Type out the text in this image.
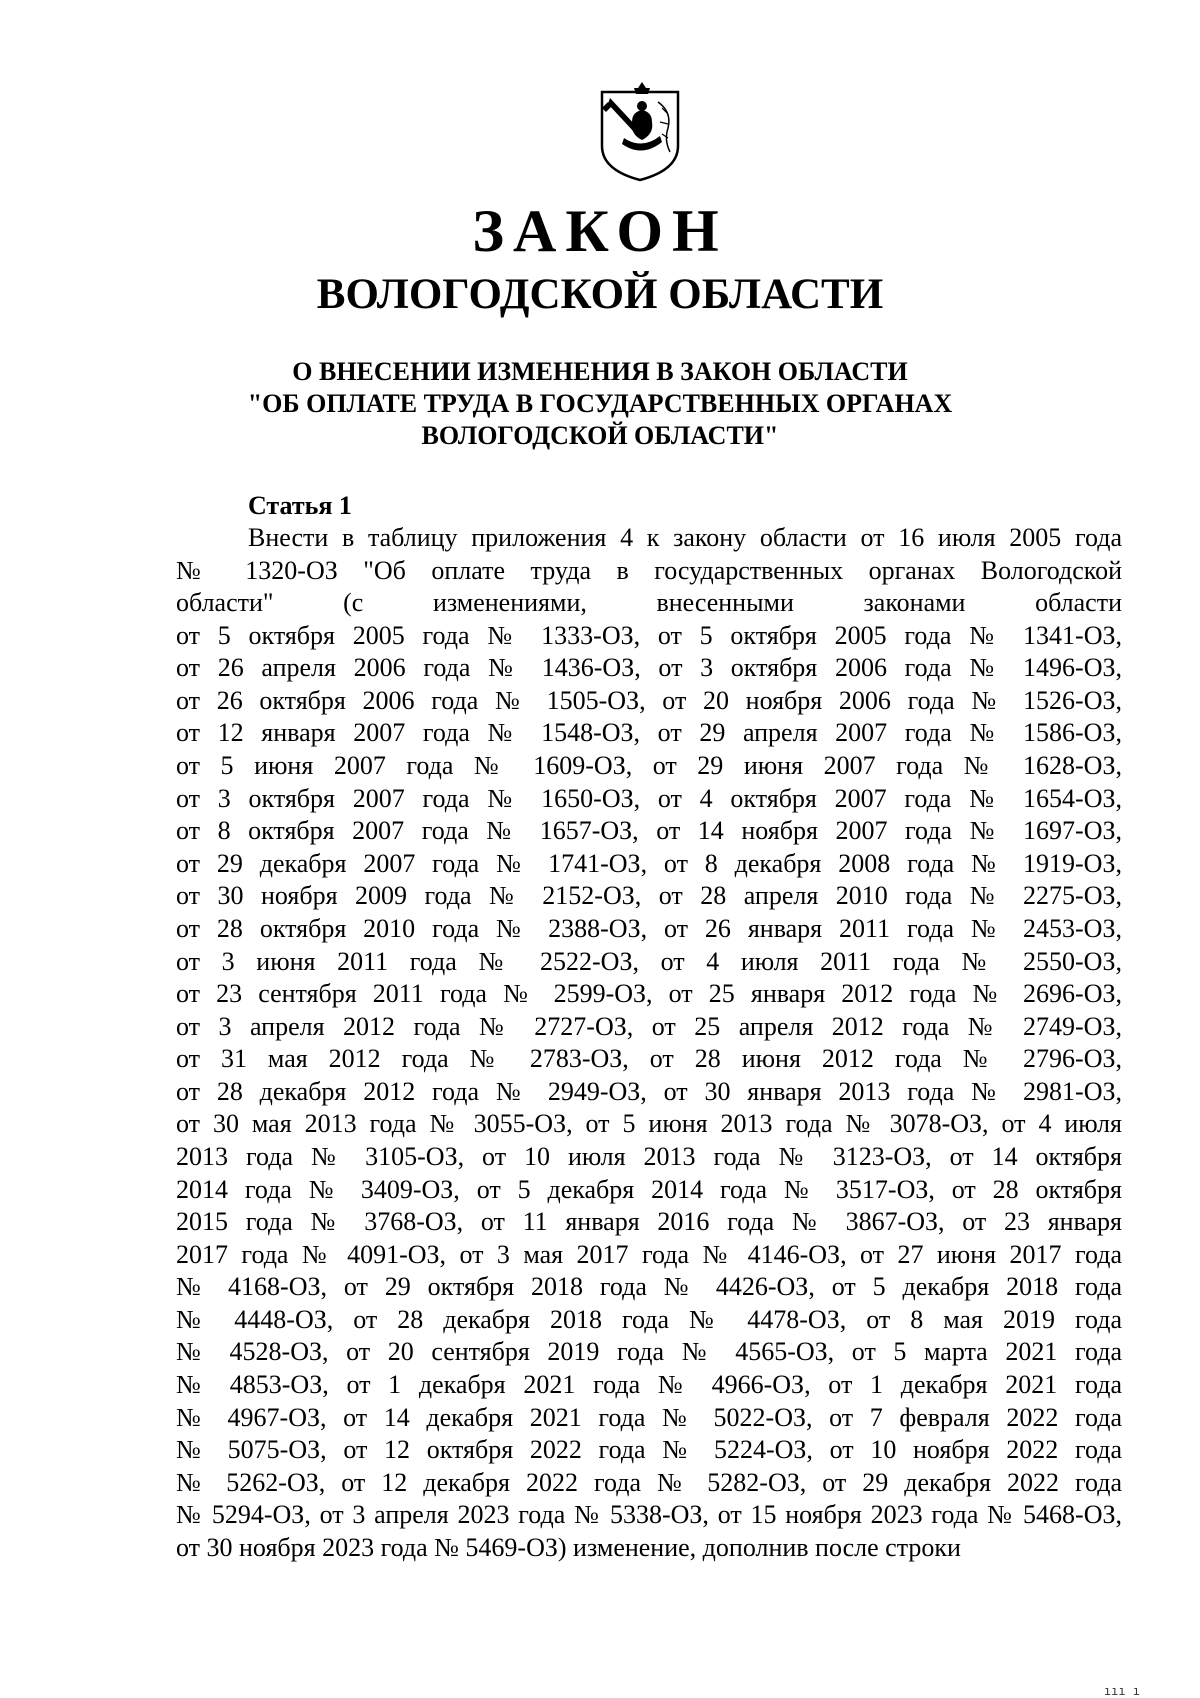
ЗАКОН
ВОЛОГОДСКОЙ ОБЛАСТИ
О ВНЕСЕНИИ ИЗМЕНЕНИЯ В ЗАКОН ОБЛАСТИ
"ОБ ОПЛАТЕ ТРУДА В ГОСУДАРСТВЕННЫХ ОРГАНАХ
ВОЛОГОДСКОЙ ОБЛАСТИ"
Статья 1
Внести в таблицу приложения 4 к закону области от 16 июля 2005 года
№ 1320-ОЗ "Об оплате труда в государственных органах Вологодской
области" (с изменениями, внесенными законами области
от 5 октября 2005 года № 1333-ОЗ, от 5 октября 2005 года № 1341-ОЗ,
от 26 апреля 2006 года № 1436-ОЗ, от 3 октября 2006 года № 1496-ОЗ,
от 26 октября 2006 года № 1505-ОЗ, от 20 ноября 2006 года № 1526-ОЗ,
от 12 января 2007 года № 1548-ОЗ, от 29 апреля 2007 года № 1586-ОЗ,
от 5 июня 2007 года № 1609-ОЗ, от 29 июня 2007 года № 1628-ОЗ,
от 3 октября 2007 года № 1650-ОЗ, от 4 октября 2007 года № 1654-ОЗ,
от 8 октября 2007 года № 1657-ОЗ, от 14 ноября 2007 года № 1697-ОЗ,
от 29 декабря 2007 года № 1741-ОЗ, от 8 декабря 2008 года № 1919-ОЗ,
от 30 ноября 2009 года № 2152-ОЗ, от 28 апреля 2010 года № 2275-ОЗ,
от 28 октября 2010 года № 2388-ОЗ, от 26 января 2011 года № 2453-ОЗ,
от 3 июня 2011 года № 2522-ОЗ, от 4 июля 2011 года № 2550-ОЗ,
от 23 сентября 2011 года № 2599-ОЗ, от 25 января 2012 года № 2696-ОЗ,
от 3 апреля 2012 года № 2727-ОЗ, от 25 апреля 2012 года № 2749-ОЗ,
от 31 мая 2012 года № 2783-ОЗ, от 28 июня 2012 года № 2796-ОЗ,
от 28 декабря 2012 года № 2949-ОЗ, от 30 января 2013 года № 2981-ОЗ,
от 30 мая 2013 года № 3055-ОЗ, от 5 июня 2013 года № 3078-ОЗ, от 4 июля
2013 года № 3105-ОЗ, от 10 июля 2013 года № 3123-ОЗ, от 14 октября
2014 года № 3409-ОЗ, от 5 декабря 2014 года № 3517-ОЗ, от 28 октября
2015 года № 3768-ОЗ, от 11 января 2016 года № 3867-ОЗ, от 23 января
2017 года № 4091-ОЗ, от 3 мая 2017 года № 4146-ОЗ, от 27 июня 2017 года
№ 4168-ОЗ, от 29 октября 2018 года № 4426-ОЗ, от 5 декабря 2018 года
№ 4448-ОЗ, от 28 декабря 2018 года № 4478-ОЗ, от 8 мая 2019 года
№ 4528-ОЗ, от 20 сентября 2019 года № 4565-ОЗ, от 5 марта 2021 года
№ 4853-ОЗ, от 1 декабря 2021 года № 4966-ОЗ, от 1 декабря 2021 года
№ 4967-ОЗ, от 14 декабря 2021 года № 5022-ОЗ, от 7 февраля 2022 года
№ 5075-ОЗ, от 12 октября 2022 года № 5224-ОЗ, от 10 ноября 2022 года
№ 5262-ОЗ, от 12 декабря 2022 года № 5282-ОЗ, от 29 декабря 2022 года
№ 5294-ОЗ, от 3 апреля 2023 года № 5338-ОЗ, от 15 ноября 2023 года № 5468-ОЗ,
от 30 ноября 2023 года № 5469-ОЗ) изменение, дополнив после строки
ııı ı
